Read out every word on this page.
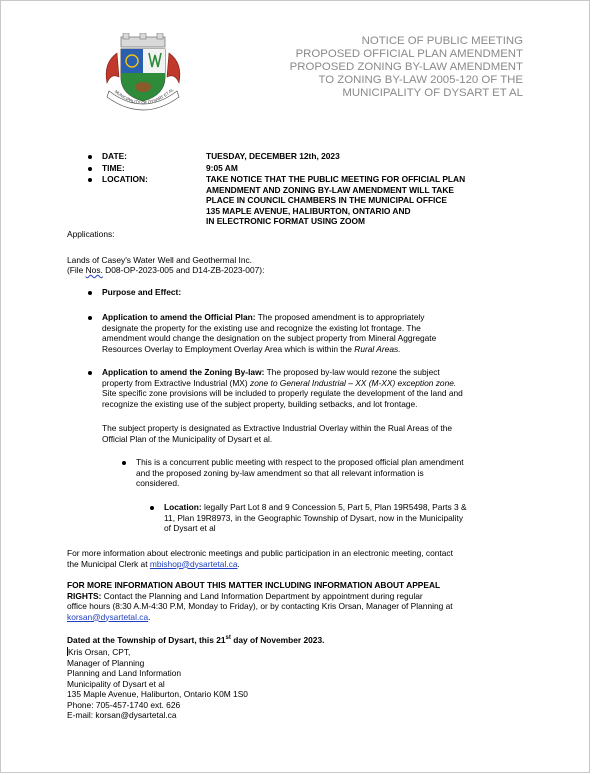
MUNICIPALITY OF DYSART ET AL
NOTICE OF PUBLIC MEETING
PROPOSED OFFICIAL PLAN AMENDMENT
PROPOSED ZONING BY-LAW AMENDMENT
TO ZONING BY-LAW 2005-120 OF THE
MUNICIPALITY OF DYSART ET AL
DATE:	TUESDAY, DECEMBER 12th, 2023
TIME:	9:05 AM
LOCATION:	TAKE NOTICE THAT THE PUBLIC MEETING FOR OFFICIAL PLAN
AMENDMENT AND ZONING BY-LAW AMENDMENT WILL TAKE
PLACE IN COUNCIL CHAMBERS IN THE MUNICIPAL OFFICE
135 MAPLE AVENUE, HALIBURTON, ONTARIO AND
IN ELECTRONIC FORMAT USING ZOOM
Applications:
Lands of Casey's Water Well and Geothermal Inc.
(File Nos. D08-OP-2023-005 and D14-ZB-2023-007):
Purpose and Effect:
Application to amend the Official Plan: The proposed amendment is to appropriately
designate the property for the existing use and recognize the existing lot frontage. The
amendment would change the designation on the subject property from Mineral Aggregate
Resources Overlay to Employment Overlay Area which is within the Rural Areas.
Application to amend the Zoning By-law: The proposed by-law would rezone the subject
property from Extractive Industrial (MX) zone to General Industrial – XX (M-XX) exception zone.
Site specific zone provisions will be included to properly regulate the development of the land and
recognize the existing use of the subject property, building setbacks, and lot frontage.
The subject property is designated as Extractive Industrial Overlay within the Rual Areas of the
Official Plan of the Municipality of Dysart et al.
This is a concurrent public meeting with respect to the proposed official plan amendment
and the proposed zoning by-law amendment so that all relevant information is
considered.
Location: legally Part Lot 8 and 9 Concession 5, Part 5, Plan 19R5498, Parts 3 &
11, Plan 19R8973, in the Geographic Township of Dysart, now in the Municipality
of Dysart et al
For more information about electronic meetings and public participation in an electronic meeting, contact
the Municipal Clerk at mbishop@dysartetal.ca.
FOR MORE INFORMATION ABOUT THIS MATTER INCLUDING INFORMATION ABOUT APPEAL
RIGHTS: Contact the Planning and Land Information Department by appointment during regular
office hours (8:30 A.M-4:30 P.M, Monday to Friday), or by contacting Kris Orsan, Manager of Planning at
korsan@dysartetal.ca.
Dated at the Township of Dysart, this 21st day of November 2023.
Kris Orsan, CPT,
Manager of Planning
Planning and Land Information
Municipality of Dysart et al
135 Maple Avenue, Haliburton, Ontario K0M 1S0
Phone: 705-457-1740 ext. 626
E-mail: korsan@dysartetal.ca
